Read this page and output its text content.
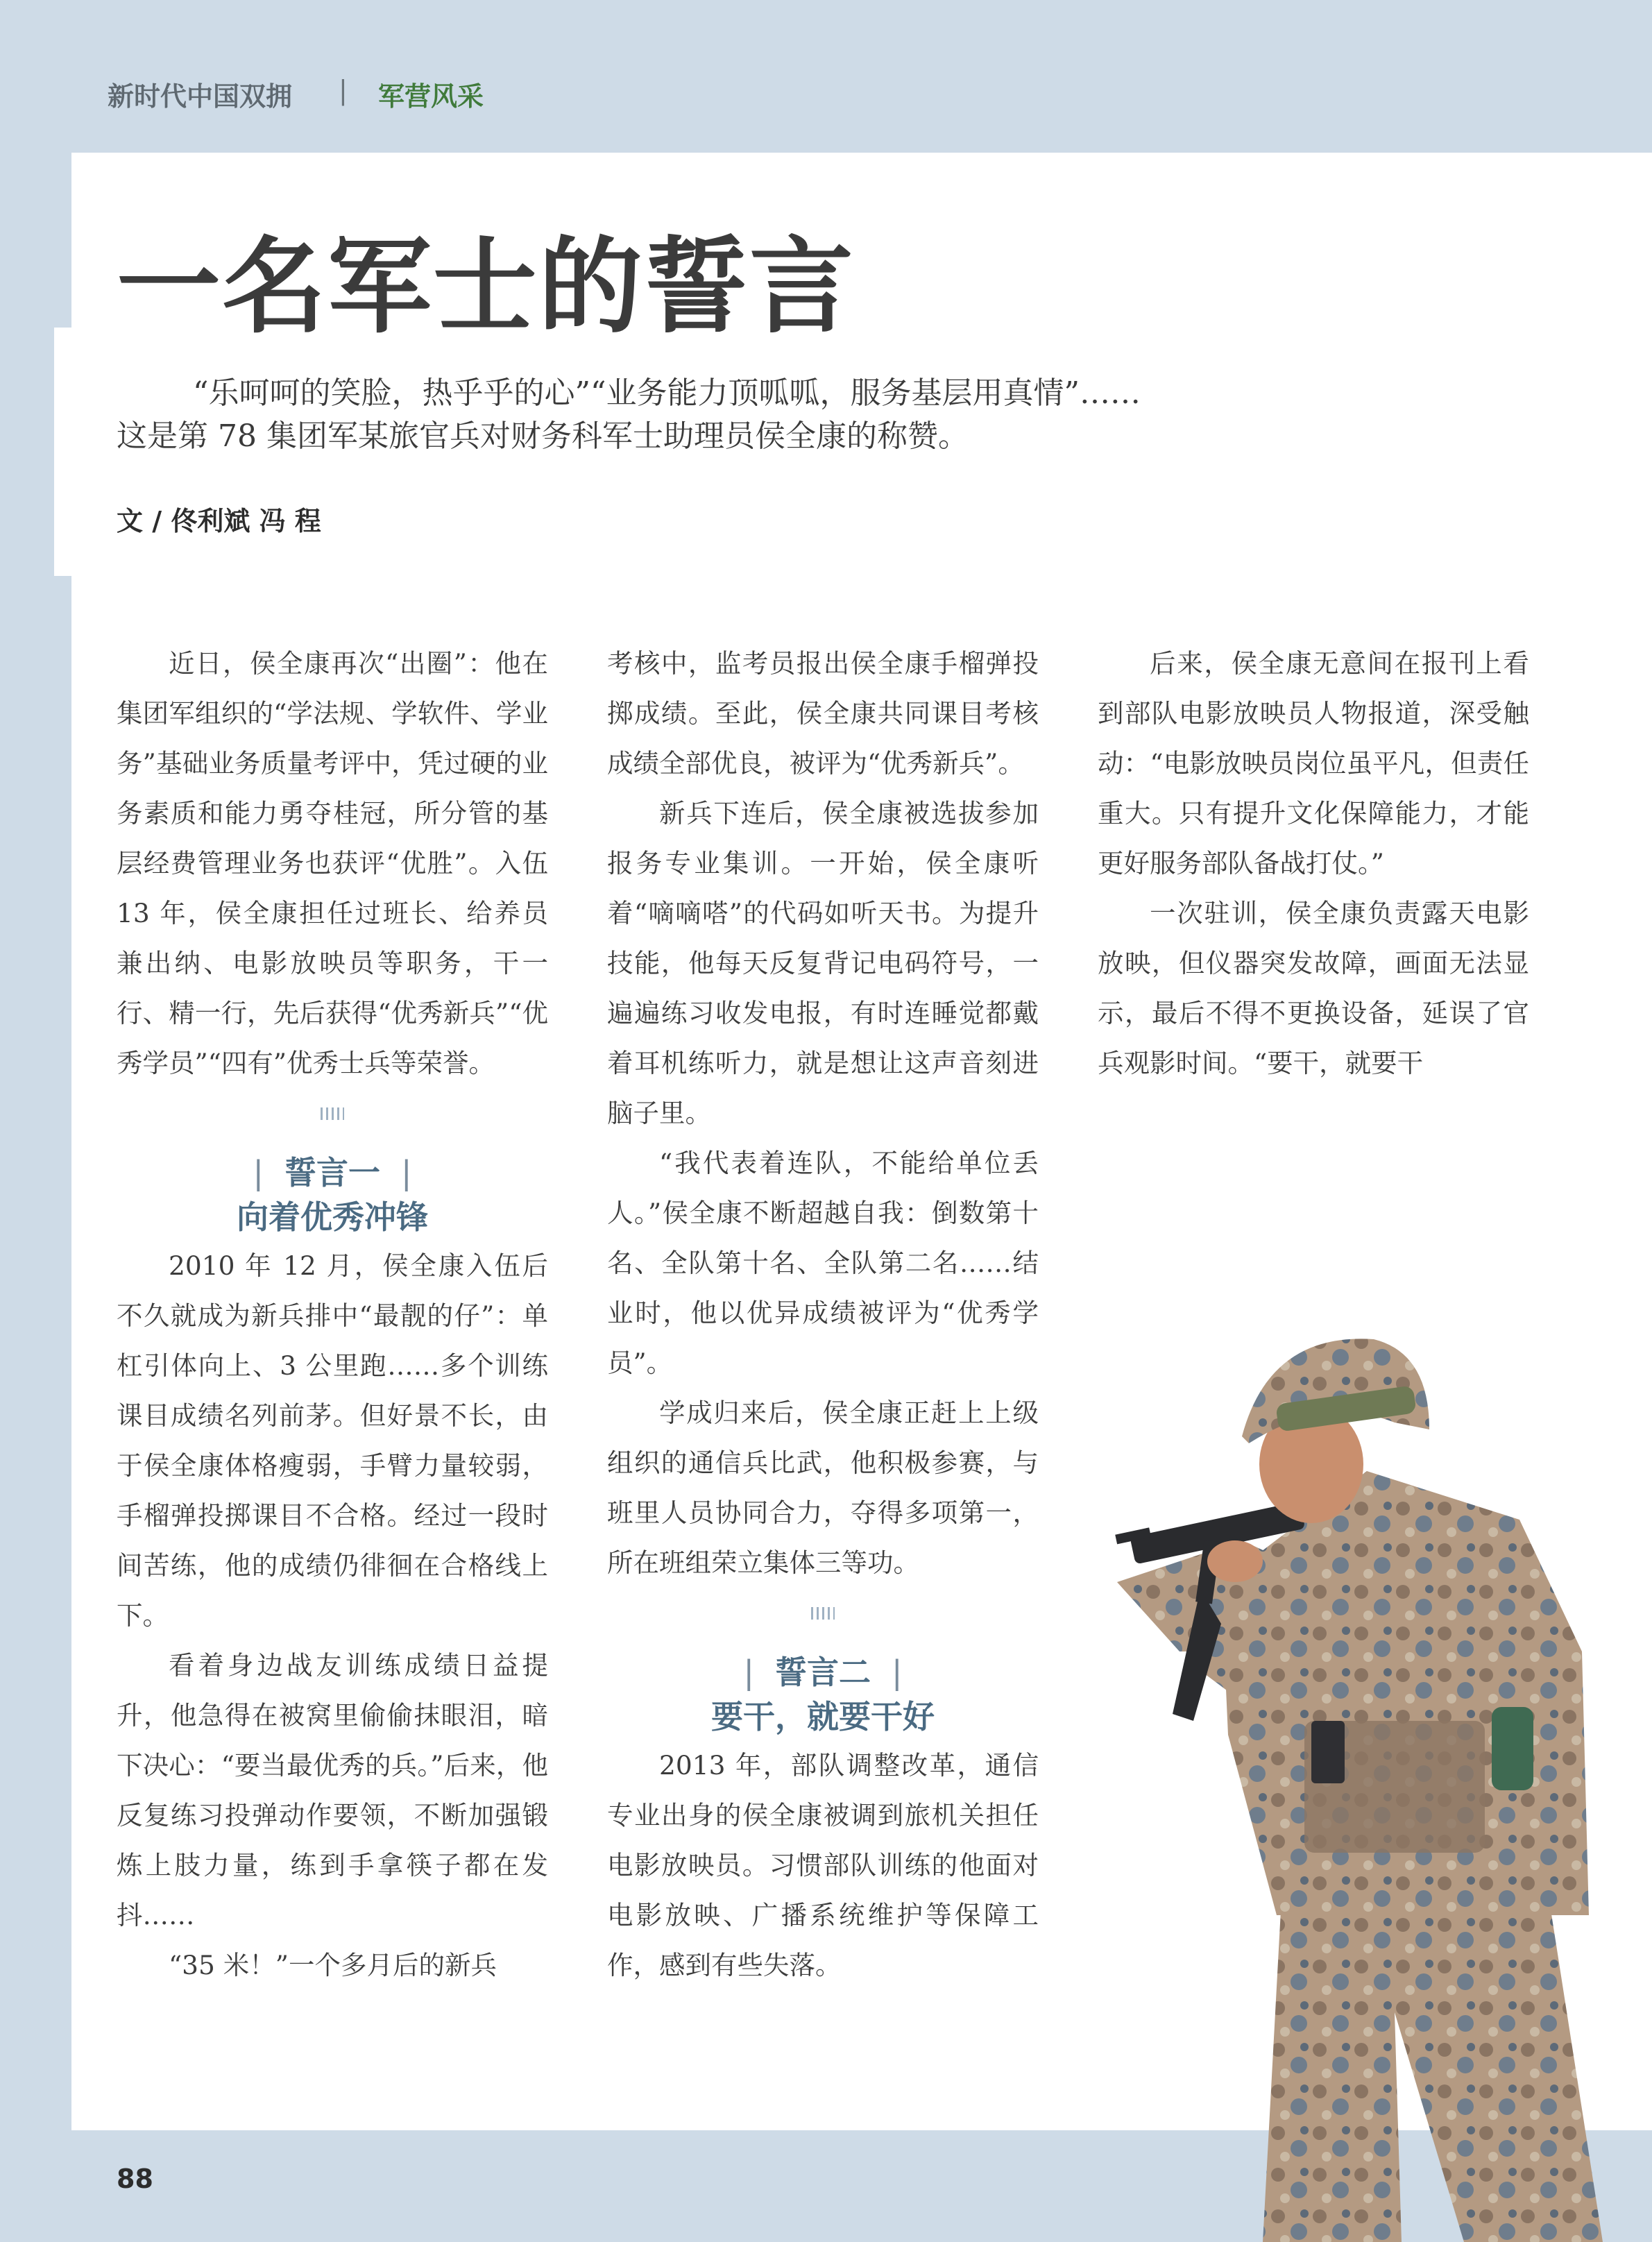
新时代中国双拥 | 军营风采
一名军士的誓言

“乐呵呵的笑脸，热乎乎的心”“业务能力顶呱呱，服务基层用真情”……

这是第 78 集团军某旅官兵对财务科军士助理员侯全康的称赞。

文 / 佟利斌 冯 程

近日，侯全康再次“出圈”：他在集团军组织的“学法规、学软件、学业务”基础业务质量考评中，凭过硬的业务素质和能力勇夺桂冠，所分管的基层经费管理业务也获评“优胜”。入伍 13 年，侯全康担任过班长、给养员兼出纳、电影放映员等职务，干一行、精一行，先后获得“优秀新兵”“优秀学员”“四有”优秀士兵等荣誉。

| 誓言一 |
向着优秀冲锋

2010 年 12 月，侯全康入伍后不久就成为新兵排中“最靓的仔”：单杠引体向上、3 公里跑……多个训练课目成绩名列前茅。但好景不长，由于侯全康体格瘦弱，手臂力量较弱，手榴弹投掷课目不合格。经过一段时间苦练，他的成绩仍徘徊在合格线上下。

看着身边战友训练成绩日益提升，他急得在被窝里偷偷抹眼泪，暗下决心：“要当最优秀的兵。”后来，他反复练习投弹动作要领，不断加强锻炼上肢力量，练到手拿筷子都在发抖……

“35 米！”一个多月后的新兵

考核中，监考员报出侯全康手榴弹投掷成绩。至此，侯全康共同课目考核成绩全部优良，被评为“优秀新兵”。

新兵下连后，侯全康被选拔参加报务专业集训。一开始，侯全康听着“嘀嘀嗒”的代码如听天书。为提升技能，他每天反复背记电码符号，一遍遍练习收发电报，有时连睡觉都戴着耳机练听力，就是想让这声音刻进脑子里。

“我代表着连队，不能给单位丢人。”侯全康不断超越自我：倒数第十名、全队第十名、全队第二名……结业时，他以优异成绩被评为“优秀学员”。

学成归来后，侯全康正赶上上级组织的通信兵比武，他积极参赛，与班里人员协同合力，夺得多项第一，所在班组荣立集体三等功。

| 誓言二 |
要干，就要干好

2013 年，部队调整改革，通信专业出身的侯全康被调到旅机关担任电影放映员。习惯部队训练的他面对电影放映、广播系统维护等保障工作，感到有些失落。

后来，侯全康无意间在报刊上看到部队电影放映员人物报道，深受触动：“电影放映员岗位虽平凡，但责任重大。只有提升文化保障能力，才能更好服务部队备战打仗。”

一次驻训，侯全康负责露天电影放映，但仪器突发故障，画面无法显示，最后不得不更换设备，延误了官兵观影时间。“要干，就要干

88
